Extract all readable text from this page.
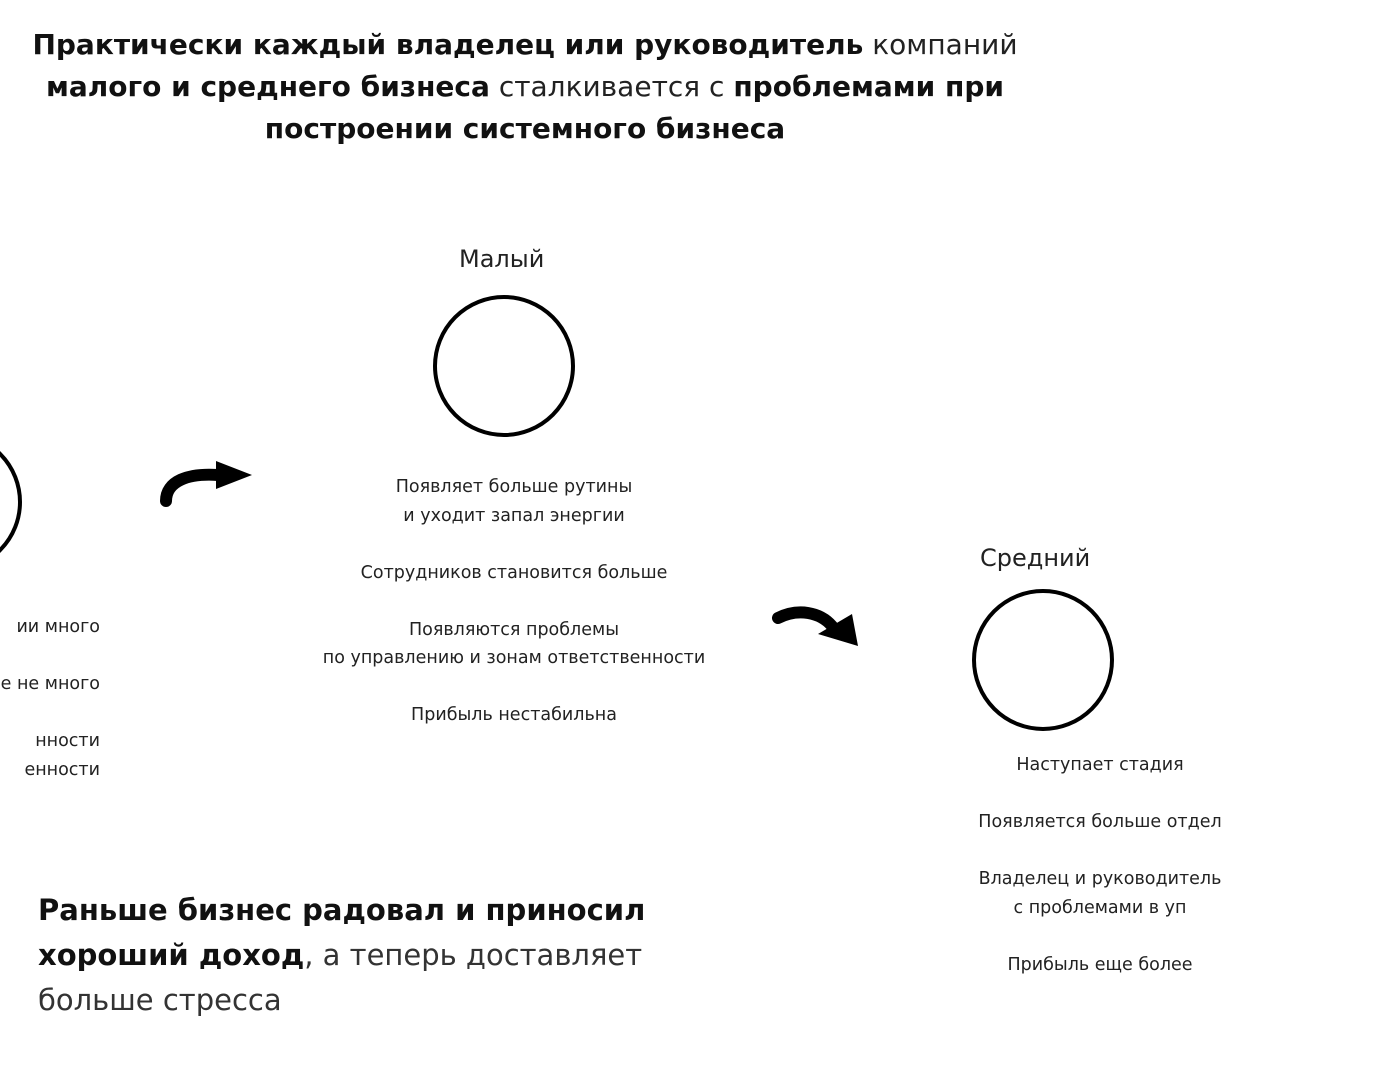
Практически каждый владелец или руководитель компаний
малого и среднего бизнеса сталкивается с проблемами при построении системного бизнеса
ии много
е не много
нности
енности
Малый
Появляет больше рутины
и уходит запал энергии
Сотрудников становится больше
Появляются проблемы
по управлению и зонам ответственности
Прибыль нестабильна
Средний
Наступает стадия
Появляется больше отдел
Владелец и руководитель
с проблемами в уп
Прибыль еще более
Раньше бизнес радовал и приносил хороший доход, а теперь доставляет больше стресса
